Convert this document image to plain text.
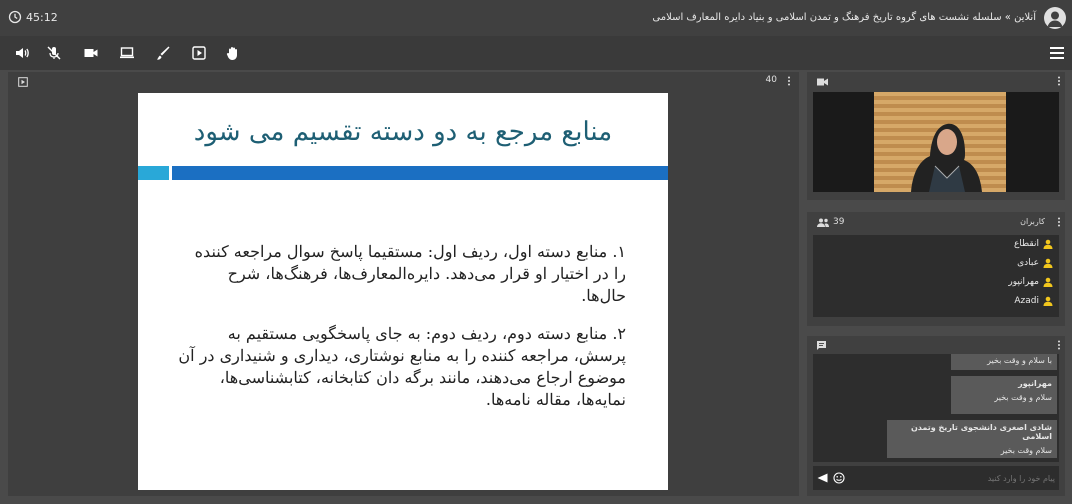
45:12	آنلاین » سلسله نشست های گروه تاریخ فرهنگ و تمدن اسلامی و بنیاد دایره المعارف اسلامی
40
منابع مرجع به دو دسته تقسیم می شود
۱. منابع دسته اول، ردیف اول: مستقیما پاسخ سوال مراجعه کننده را در اختیار او قرار می‌دهد. دایره‌المعارف‌ها، فرهنگ‌ها، شرح حال‌ها.
۲. منابع دسته دوم، ردیف دوم: به جای پاسخگویی مستقیم به پرسش، مراجعه کننده را به منابع نوشتاری، دیداری و شنیداری در آن موضوع ارجاع می‌دهند، مانند برگه دان کتابخانه، کتابشناسی‌ها، نمایه‌ها، مقاله نامه‌ها.
39	کاربران
انقطاع
عبادی
مهرانپور
Azadi
با سلام و وقت بخیر
مهرانپور
سلام و وقت بخیر
شادی اصغری دانشجوی تاریخ وتمدن اسلامی
سلام وقت بخیر
پیام خود را وارد کنید
